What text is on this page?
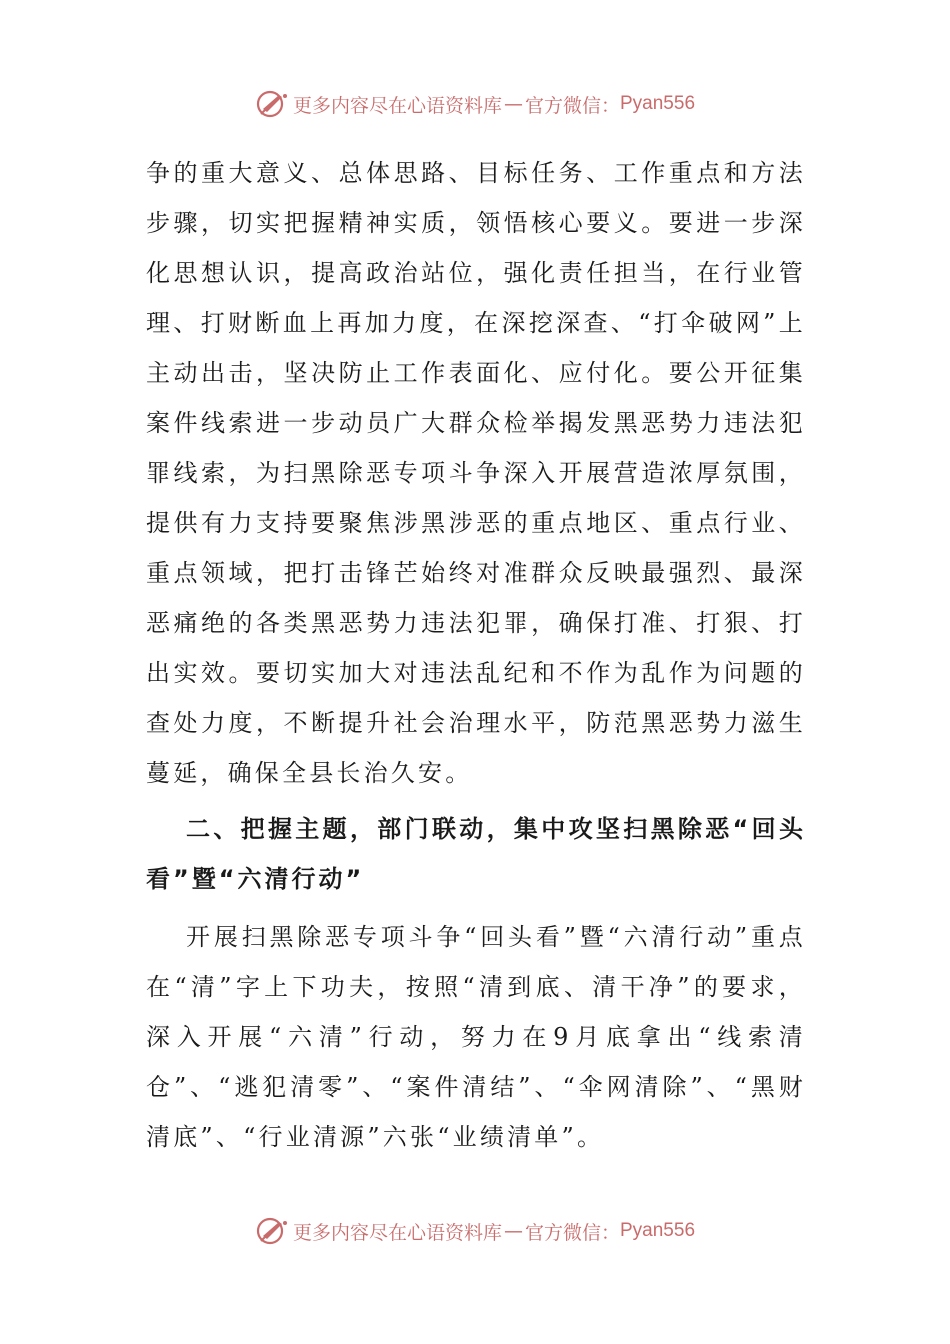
更多内容尽在心语资料库 — 官方微信： Pyan556

争的重大意义、总体思路、目标任务、工作重点和方法步骤，切实把握精神实质，领悟核心要义。要进一步深化思想认识，提高政治站位，强化责任担当，在行业管理、打财断血上再加力度，在深挖深查、“打伞破网”上主动出击，坚决防止工作表面化、应付化。要公开征集案件线索进一步动员广大群众检举揭发黑恶势力违法犯罪线索，为扫黑除恶专项斗争深入开展营造浓厚氛围，提供有力支持要聚焦涉黑涉恶的重点地区、重点行业、重点领域，把打击锋芒始终对准群众反映最强烈、最深恶痛绝的各类黑恶势力违法犯罪，确保打准、打狠、打出实效。要切实加大对违法乱纪和不作为乱作为问题的查处力度，不断提升社会治理水平，防范黑恶势力滋生蔓延，确保全县长治久安。

二、把握主题，部门联动，集中攻坚扫黑除恶“回头看”暨“六清行动”

开展扫黑除恶专项斗争“回头看”暨“六清行动”重点在“清”字上下功夫，按照“清到底、清干净”的要求，深入开展“六清”行动，努力在9月底拿出“线索清仓”、“逃犯清零”、“案件清结”、“伞网清除”、“黑财清底”、“行业清源”六张“业绩清单”。

更多内容尽在心语资料库 — 官方微信： Pyan556
